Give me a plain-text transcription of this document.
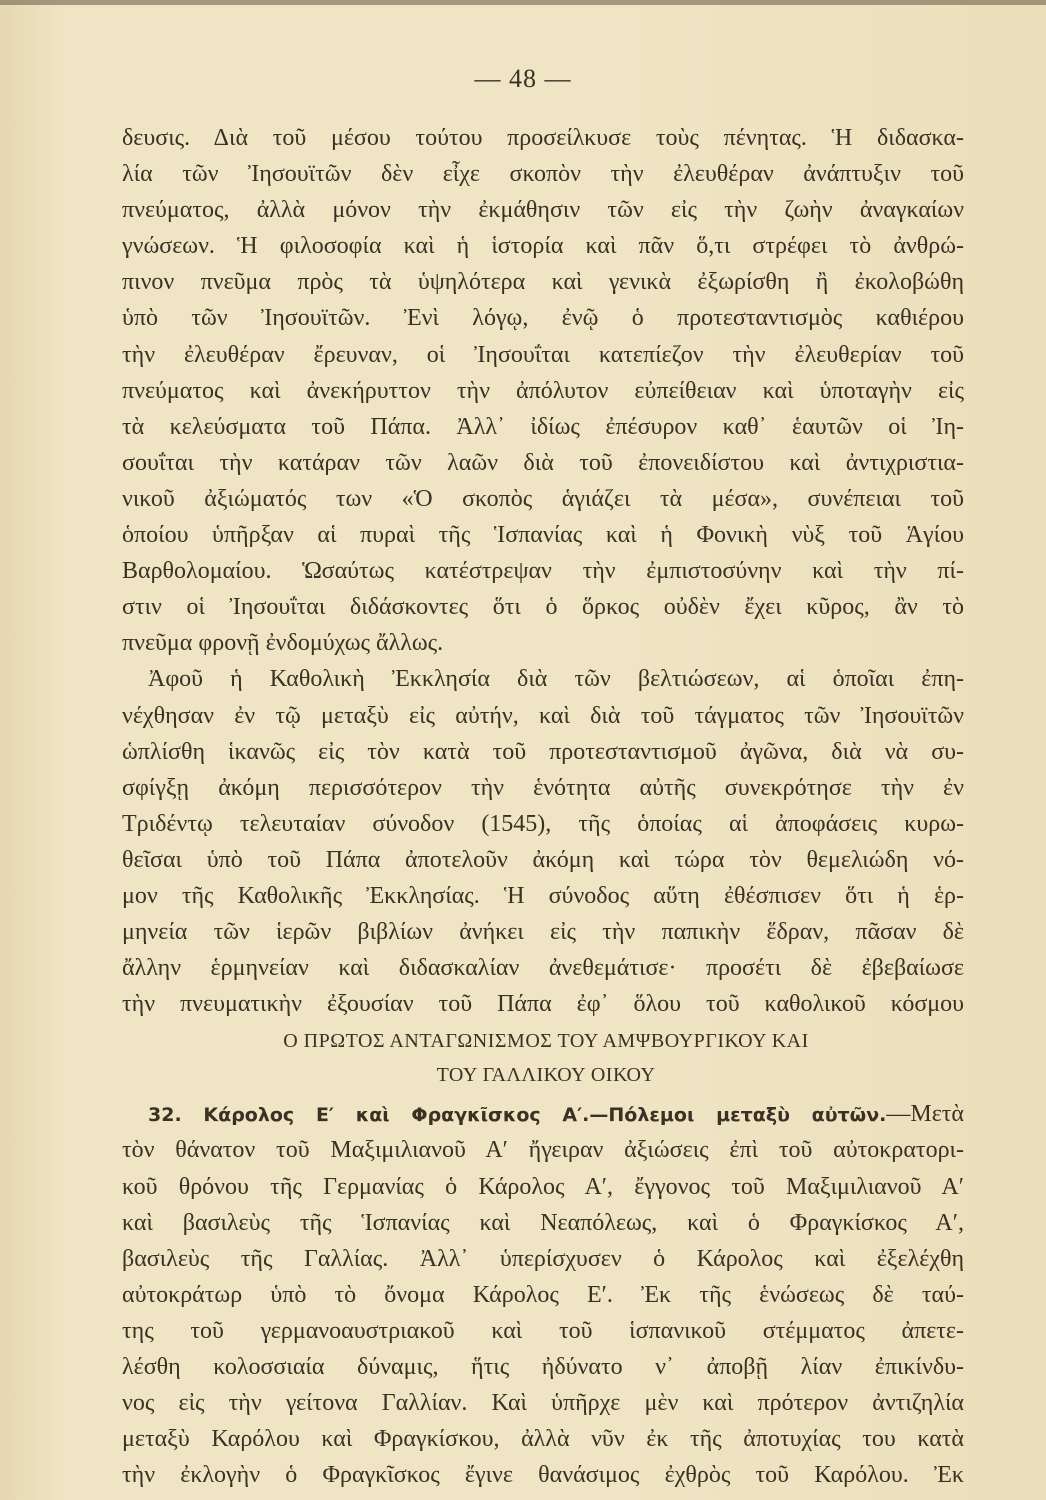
— 48 —
δευσις. Διὰ τοῦ μέσου τούτου προσείλκυσε τοὺς πένητας. Ἡ διδασκα-
λία τῶν Ἰησουϊτῶν δὲν εἶχε σκοπὸν τὴν ἐλευθέραν ἀνάπτυξιν τοῦ
πνεύματος, ἀλλὰ μόνον τὴν ἐκμάθησιν τῶν εἰς τὴν ζωὴν ἀναγκαίων
γνώσεων. Ἡ φιλοσοφία καὶ ἡ ἱστορία καὶ πᾶν ὅ,τι στρέφει τὸ ἀνθρώ-
πινον πνεῦμα πρὸς τὰ ὑψηλότερα καὶ γενικὰ ἐξωρίσθη ἢ ἐκολοβώθη
ὑπὸ τῶν Ἰησουϊτῶν. Ἐνὶ λόγῳ, ἐνῷ ὁ προτεσταντισμὸς καθιέρου
τὴν ἐλευθέραν ἔρευναν, οἱ Ἰησουΐται κατεπίεζον τὴν ἐλευθερίαν τοῦ
πνεύματος καὶ ἀνεκήρυττον τὴν ἀπόλυτον εὐπείθειαν καὶ ὑποταγὴν εἰς
τὰ κελεύσματα τοῦ Πάπα. Ἀλλ᾿ ἰδίως ἐπέσυρον καθ᾿ ἑαυτῶν οἱ Ἰη-
σουΐται τὴν κατάραν τῶν λαῶν διὰ τοῦ ἐπονειδίστου καὶ ἀντιχριστια-
νικοῦ ἀξιώματός των «Ὁ σκοπὸς ἁγιάζει τὰ μέσα», συνέπειαι τοῦ
ὁποίου ὑπῆρξαν αἱ πυραὶ τῆς Ἱσπανίας καὶ ἡ Φονικὴ νὺξ τοῦ Ἁγίου
Βαρθολομαίου. Ὡσαύτως κατέστρεψαν τὴν ἐμπιστοσύνην καὶ τὴν πί-
στιν οἱ Ἰησουΐται διδάσκοντες ὅτι ὁ ὅρκος οὐδὲν ἔχει κῦρος, ἂν τὸ
πνεῦμα φρονῇ ἐνδομύχως ἄλλως.
Ἀφοῦ ἡ Καθολικὴ Ἐκκλησία διὰ τῶν βελτιώσεων, αἱ ὁποῖαι ἐπη-
νέχθησαν ἐν τῷ μεταξὺ εἰς αὐτήν, καὶ διὰ τοῦ τάγματος τῶν Ἰησουϊτῶν
ὡπλίσθη ἱκανῶς εἰς τὸν κατὰ τοῦ προτεσταντισμοῦ ἀγῶνα, διὰ νὰ συ-
σφίγξῃ ἀκόμη περισσότερον τὴν ἑνότητα αὐτῆς συνεκρότησε τὴν ἐν
Τριδέντῳ τελευταίαν σύνοδον (1545), τῆς ὁποίας αἱ ἀποφάσεις κυρω-
θεῖσαι ὑπὸ τοῦ Πάπα ἀποτελοῦν ἀκόμη καὶ τώρα τὸν θεμελιώδη νό-
μον τῆς Καθολικῆς Ἐκκλησίας. Ἡ σύνοδος αὕτη ἐθέσπισεν ὅτι ἡ ἑρ-
μηνεία τῶν ἱερῶν βιβλίων ἀνήκει εἰς τὴν παπικὴν ἕδραν, πᾶσαν δὲ
ἄλλην ἑρμηνείαν καὶ διδασκαλίαν ἀνεθεμάτισε· προσέτι δὲ ἐβεβαίωσε
τὴν πνευματικὴν ἐξουσίαν τοῦ Πάπα ἐφ᾿ ὅλου τοῦ καθολικοῦ κόσμου
Ο ΠΡΩΤΟΣ ΑΝΤΑΓΩΝΙΣΜΟΣ ΤΟΥ ΑΜΨΒΟΥΡΓΙΚΟΥ ΚΑΙ
ΤΟΥ ΓΑΛΛΙΚΟΥ ΟΙΚΟΥ
32. Κάρολος Ε′ καὶ Φραγκῖσκος Α′.—Πόλεμοι μεταξὺ αὐτῶν.—Μετὰ
τὸν θάνατον τοῦ Μαξιμιλιανοῦ Α′ ἤγειραν ἀξιώσεις ἐπὶ τοῦ αὐτοκρατορι-
κοῦ θρόνου τῆς Γερμανίας ὁ Κάρολος Α′, ἔγγονος τοῦ Μαξιμιλιανοῦ Α′
καὶ βασιλεὺς τῆς Ἱσπανίας καὶ Νεαπόλεως, καὶ ὁ Φραγκίσκος Α′,
βασιλεὺς τῆς Γαλλίας. Ἀλλ᾿ ὑπερίσχυσεν ὁ Κάρολος καὶ ἐξελέχθη
αὐτοκράτωρ ὑπὸ τὸ ὄνομα Κάρολος Ε′. Ἐκ τῆς ἑνώσεως δὲ ταύ-
της τοῦ γερμανοαυστριακοῦ καὶ τοῦ ἱσπανικοῦ στέμματος ἀπετε-
λέσθη κολοσσιαία δύναμις, ἥτις ἠδύνατο ν᾿ ἀποβῇ λίαν ἐπικίνδυ-
νος εἰς τὴν γείτονα Γαλλίαν. Καὶ ὑπῆρχε μὲν καὶ πρότερον ἀντιζηλία
μεταξὺ Καρόλου καὶ Φραγκίσκου, ἀλλὰ νῦν ἐκ τῆς ἀποτυχίας του κατὰ
τὴν ἐκλογὴν ὁ Φραγκῖσκος ἔγινε θανάσιμος ἐχθρὸς τοῦ Καρόλου. Ἐκ
